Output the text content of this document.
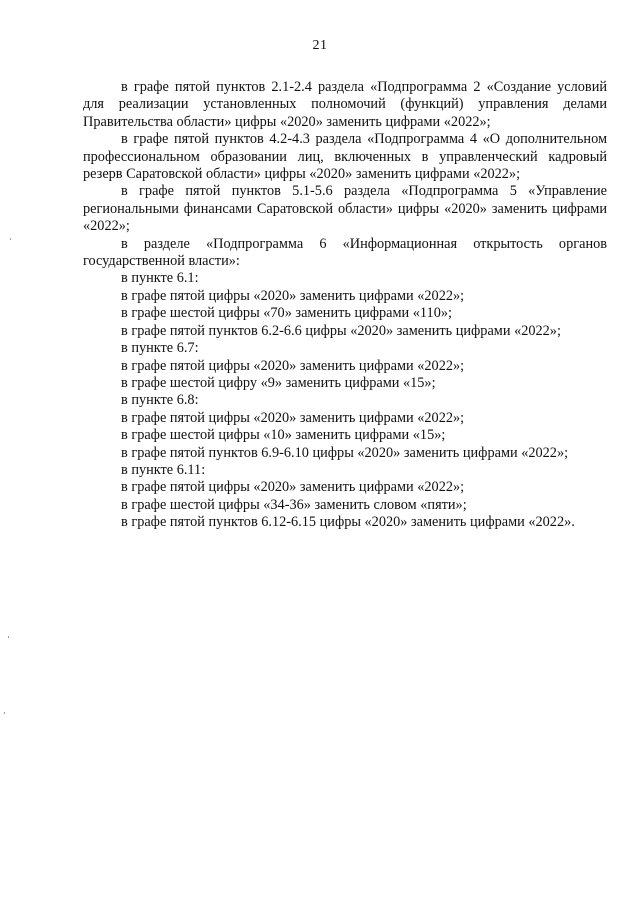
21

в графе пятой пунктов 2.1-2.4 раздела «Подпрограмма 2 «Создание условий для реализации установленных полномочий (функций) управления делами Правительства области» цифры «2020» заменить цифрами «2022»;

в графе пятой пунктов 4.2-4.3 раздела «Подпрограмма 4 «О дополнительном профессиональном образовании лиц, включенных в управленческий кадровый резерв Саратовской области» цифры «2020» заменить цифрами «2022»;

в графе пятой пунктов 5.1-5.6 раздела «Подпрограмма 5 «Управление региональными финансами Саратовской области» цифры «2020» заменить цифрами «2022»;

в разделе «Подпрограмма 6 «Информационная открытость органов государственной власти»:

в пункте 6.1:

в графе пятой цифры «2020» заменить цифрами «2022»;

в графе шестой цифры «70» заменить цифрами «110»;

в графе пятой пунктов 6.2-6.6 цифры «2020» заменить цифрами «2022»;

в пункте 6.7:

в графе пятой цифры «2020» заменить цифрами «2022»;

в графе шестой цифру «9» заменить цифрами «15»;

в пункте 6.8:

в графе пятой цифры «2020» заменить цифрами «2022»;

в графе шестой цифры «10» заменить цифрами «15»;

в графе пятой пунктов 6.9-6.10 цифры «2020» заменить цифрами «2022»;

в пункте 6.11:

в графе пятой цифры «2020» заменить цифрами «2022»;

в графе шестой цифры «34-36» заменить словом «пяти»;

в графе пятой пунктов 6.12-6.15 цифры «2020» заменить цифрами «2022».
